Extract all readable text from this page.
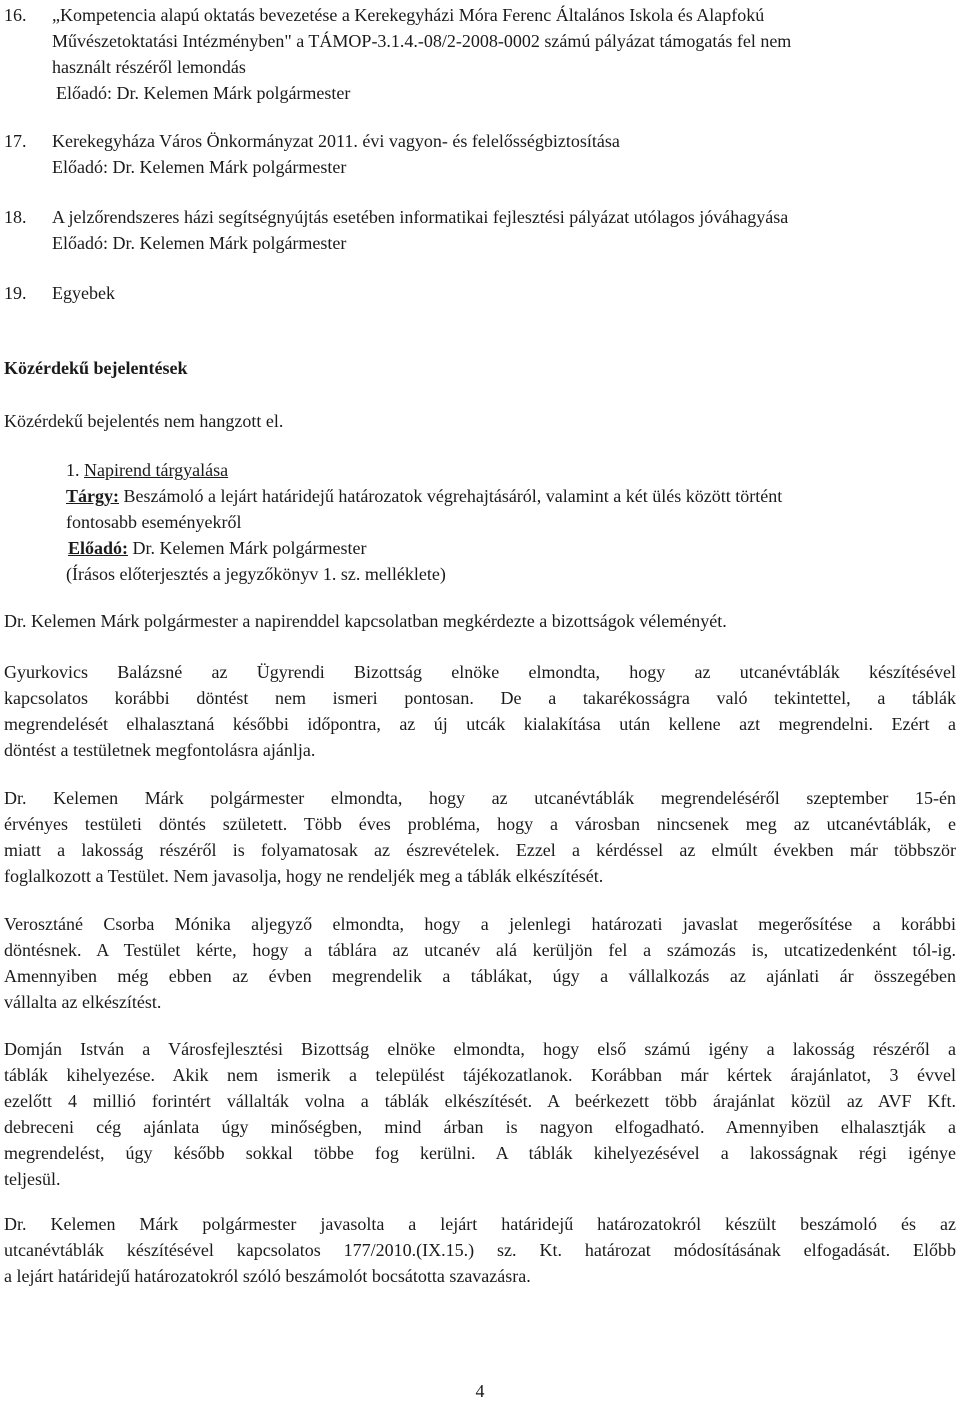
16. „Kompetencia alapú oktatás bevezetése a Kerekegyházi Móra Ferenc Általános Iskola és Alapfokú
Művészetoktatási Intézményben" a TÁMOP-3.1.4.-08/2-2008-0002 számú pályázat támogatás fel nem
használt részéről lemondás
Előadó: Dr. Kelemen Márk polgármester
17. Kerekegyháza Város Önkormányzat 2011. évi vagyon- és felelősségbiztosítása
Előadó: Dr. Kelemen Márk polgármester
18. A jelzőrendszeres házi segítségnyújtás esetében informatikai fejlesztési pályázat utólagos jóváhagyása
Előadó: Dr. Kelemen Márk polgármester
19. Egyebek
Közérdekű bejelentések
Közérdekű bejelentés nem hangzott el.
1. Napirend tárgyalása
Tárgy: Beszámoló a lejárt határidejű határozatok végrehajtásáról, valamint a két ülés között történt
fontosabb eseményekről
Előadó: Dr. Kelemen Márk polgármester
(Írásos előterjesztés a jegyzőkönyv 1. sz. melléklete)
Dr. Kelemen Márk polgármester a napirenddel kapcsolatban megkérdezte a bizottságok véleményét.
Gyurkovics Balázsné az Ügyrendi Bizottság elnöke elmondta, hogy az utcanévtáblák készítésével
kapcsolatos korábbi döntést nem ismeri pontosan. De a takarékosságra való tekintettel, a táblák
megrendelését elhalasztaná későbbi időpontra, az új utcák kialakítása után kellene azt megrendelni. Ezért a
döntést a testületnek megfontolásra ajánlja.
Dr. Kelemen Márk polgármester elmondta, hogy az utcanévtáblák megrendeléséről szeptember 15-én
érvényes testületi döntés született. Több éves probléma, hogy a városban nincsenek meg az utcanévtáblák, e
miatt a lakosság részéről is folyamatosak az észrevételek. Ezzel a kérdéssel az elmúlt években már többször
foglalkozott a Testület. Nem javasolja, hogy ne rendeljék meg a táblák elkészítését.
Verosztáné Csorba Mónika aljegyző elmondta, hogy a jelenlegi határozati javaslat megerősítése a korábbi
döntésnek. A Testület kérte, hogy a táblára az utcanév alá kerüljön fel a számozás is, utcatizedenként tól-ig.
Amennyiben még ebben az évben megrendelik a táblákat, úgy a vállalkozás az ajánlati ár összegében
vállalta az elkészítést.
Domján István a Városfejlesztési Bizottság elnöke elmondta, hogy első számú igény a lakosság részéről a
táblák kihelyezése. Akik nem ismerik a települést tájékozatlanok. Korábban már kértek árajánlatot, 3 évvel
ezelőtt 4 millió forintért vállalták volna a táblák elkészítését. A beérkezett több árajánlat közül az AVF Kft.
debreceni cég ajánlata úgy minőségben, mind árban is nagyon elfogadható. Amennyiben elhalasztják a
megrendelést, úgy később sokkal többe fog kerülni. A táblák kihelyezésével a lakosságnak régi igénye
teljesül.
Dr. Kelemen Márk polgármester javasolta a lejárt határidejű határozatokról készült beszámoló és az
utcanévtáblák készítésével kapcsolatos 177/2010.(IX.15.) sz. Kt. határozat módosításának elfogadását. Előbb
a lejárt határidejű határozatokról szóló beszámolót bocsátotta szavazásra.
4
